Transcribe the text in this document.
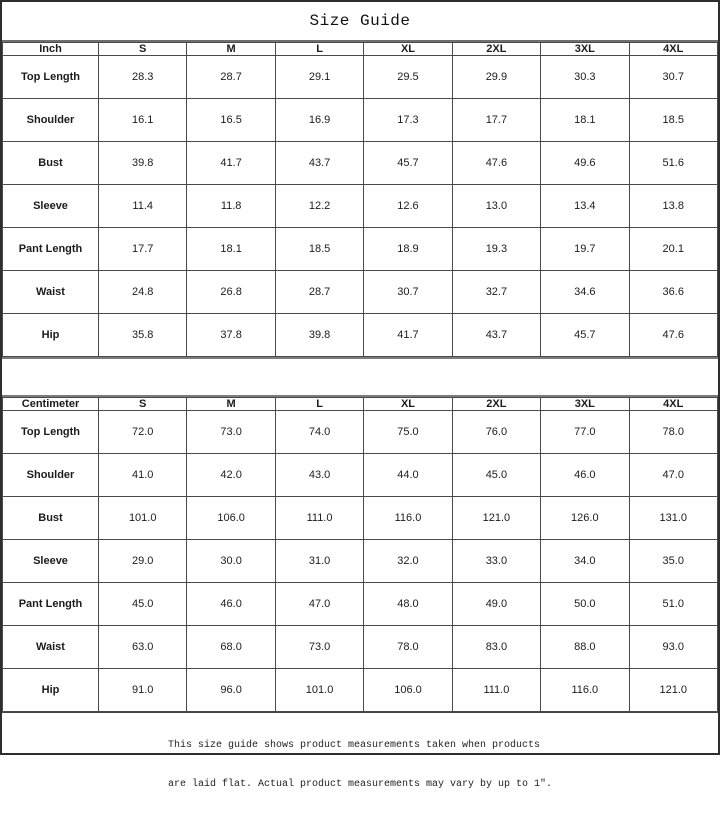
Size Guide
Inch	S	M	L	XL	2XL	3XL	4XL
Top Length	28.3	28.7	29.1	29.5	29.9	30.3	30.7
Shoulder	16.1	16.5	16.9	17.3	17.7	18.1	18.5
Bust	39.8	41.7	43.7	45.7	47.6	49.6	51.6
Sleeve	11.4	11.8	12.2	12.6	13.0	13.4	13.8
Pant Length	17.7	18.1	18.5	18.9	19.3	19.7	20.1
Waist	24.8	26.8	28.7	30.7	32.7	34.6	36.6
Hip	35.8	37.8	39.8	41.7	43.7	45.7	47.6
Centimeter	S	M	L	XL	2XL	3XL	4XL
Top Length	72.0	73.0	74.0	75.0	76.0	77.0	78.0
Shoulder	41.0	42.0	43.0	44.0	45.0	46.0	47.0
Bust	101.0	106.0	111.0	116.0	121.0	126.0	131.0
Sleeve	29.0	30.0	31.0	32.0	33.0	34.0	35.0
Pant Length	45.0	46.0	47.0	48.0	49.0	50.0	51.0
Waist	63.0	68.0	73.0	78.0	83.0	88.0	93.0
Hip	91.0	96.0	101.0	106.0	111.0	116.0	121.0

This size guide shows product measurements taken when products

are laid flat. Actual product measurements may vary by up to 1″.
